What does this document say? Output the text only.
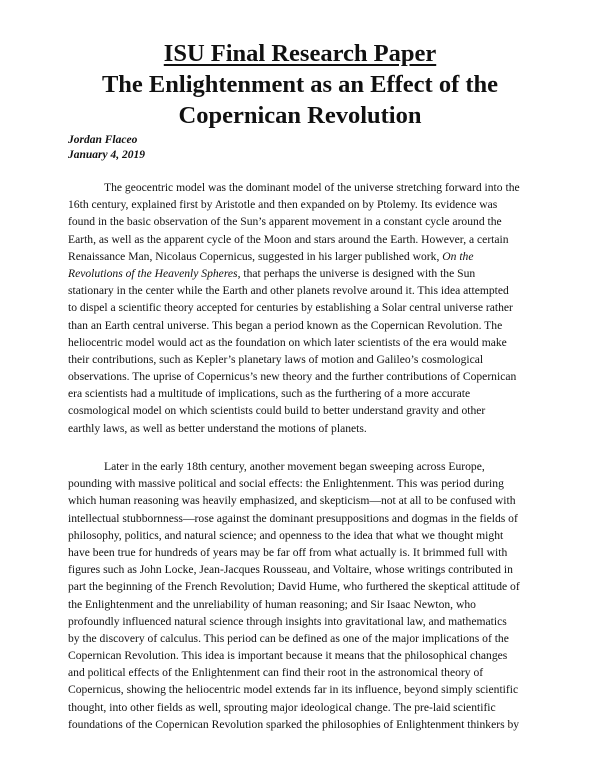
ISU Final Research Paper
The Enlightenment as an Effect of the
Copernican Revolution
Jordan Flaceo
January 4, 2019
The geocentric model was the dominant model of the universe stretching forward into the
16th century, explained first by Aristotle and then expanded on by Ptolemy. Its evidence was
found in the basic observation of the Sun’s apparent movement in a constant cycle around the
Earth, as well as the apparent cycle of the Moon and stars around the Earth. However, a certain
Renaissance Man, Nicolaus Copernicus, suggested in his larger published work, On the
Revolutions of the Heavenly Spheres, that perhaps the universe is designed with the Sun
stationary in the center while the Earth and other planets revolve around it. This idea attempted
to dispel a scientific theory accepted for centuries by establishing a Solar central universe rather
than an Earth central universe. This began a period known as the Copernican Revolution. The
heliocentric model would act as the foundation on which later scientists of the era would make
their contributions, such as Kepler’s planetary laws of motion and Galileo’s cosmological
observations. The uprise of Copernicus’s new theory and the further contributions of Copernican
era scientists had a multitude of implications, such as the furthering of a more accurate
cosmological model on which scientists could build to better understand gravity and other
earthly laws, as well as better understand the motions of planets.
Later in the early 18th century, another movement began sweeping across Europe,
pounding with massive political and social effects: the Enlightenment. This was period during
which human reasoning was heavily emphasized, and skepticism—not at all to be confused with
intellectual stubbornness—rose against the dominant presuppositions and dogmas in the fields of
philosophy, politics, and natural science; and openness to the idea that what we thought might
have been true for hundreds of years may be far off from what actually is. It brimmed full with
figures such as John Locke, Jean-Jacques Rousseau, and Voltaire, whose writings contributed in
part the beginning of the French Revolution; David Hume, who furthered the skeptical attitude of
the Enlightenment and the unreliability of human reasoning; and Sir Isaac Newton, who
profoundly influenced natural science through insights into gravitational law, and mathematics
by the discovery of calculus. This period can be defined as one of the major implications of the
Copernican Revolution. This idea is important because it means that the philosophical changes
and political effects of the Enlightenment can find their root in the astronomical theory of
Copernicus, showing the heliocentric model extends far in its influence, beyond simply scientific
thought, into other fields as well, sprouting major ideological change. The pre-laid scientific
foundations of the Copernican Revolution sparked the philosophies of Enlightenment thinkers by
